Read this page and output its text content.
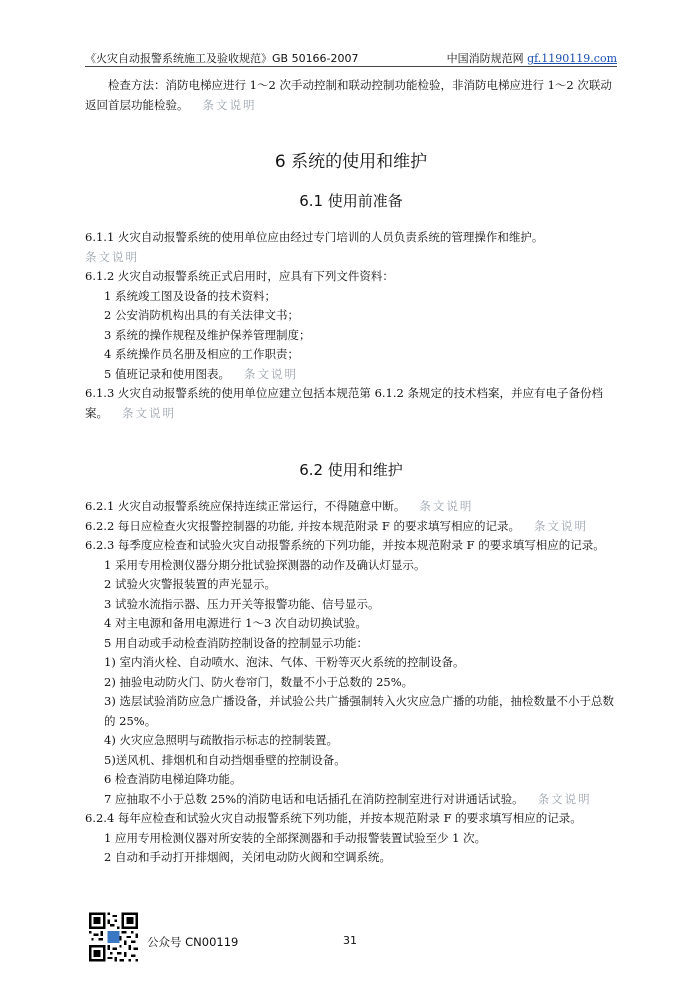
《火灾自动报警系统施工及验收规范》GB 50166-2007	中国消防规范网 gf.1190119.com

检查方法：消防电梯应进行 1～2 次手动控制和联动控制功能检验，非消防电梯应进行 1～2 次联动返回首层功能检验。 条文说明

6 系统的使用和维护
6.1 使用前准备

6.1.1 火灾自动报警系统的使用单位应由经过专门培训的人员负责系统的管理操作和维护。
条文说明

6.1.2 火灾自动报警系统正式启用时，应具有下列文件资料：

1 系统竣工图及设备的技术资料；
2 公安消防机构出具的有关法律文书；
3 系统的操作规程及维护保养管理制度；
4 系统操作员名册及相应的工作职责；
5 值班记录和使用图表。 条文说明

6.1.3 火灾自动报警系统的使用单位应建立包括本规范第 6.1.2 条规定的技术档案，并应有电子备份档案。 条文说明

6.2 使用和维护

6.2.1 火灾自动报警系统应保持连续正常运行，不得随意中断。 条文说明

6.2.2 每日应检查火灾报警控制器的功能, 并按本规范附录 F 的要求填写相应的记录。 条文说明

6.2.3 每季度应检查和试验火灾自动报警系统的下列功能，并按本规范附录 F 的要求填写相应的记录。

1 采用专用检测仪器分期分批试验探测器的动作及确认灯显示。
2 试验火灾警报装置的声光显示。
3 试验水流指示器、压力开关等报警功能、信号显示。
4 对主电源和备用电源进行 1～3 次自动切换试验。
5 用自动或手动检查消防控制设备的控制显示功能：
1) 室内消火栓、自动喷水、泡沫、气体、干粉等灭火系统的控制设备。
2) 抽验电动防火门、防火卷帘门，数量不小于总数的 25%。
3) 选层试验消防应急广播设备，并试验公共广播强制转入火灾应急广播的功能，抽检数量不小于总数的 25%。
4) 火灾应急照明与疏散指示标志的控制装置。
5)送风机、排烟机和自动挡烟垂壁的控制设备。
6 检查消防电梯迫降功能。
7 应抽取不小于总数 25%的消防电话和电话插孔在消防控制室进行对讲通话试验。 条文说明

6.2.4 每年应检查和试验火灾自动报警系统下列功能，并按本规范附录 F 的要求填写相应的记录。

1 应用专用检测仪器对所安装的全部探测器和手动报警装置试验至少 1 次。
2 自动和手动打开排烟阀，关闭电动防火阀和空调系统。
公众号 CN00119	31
